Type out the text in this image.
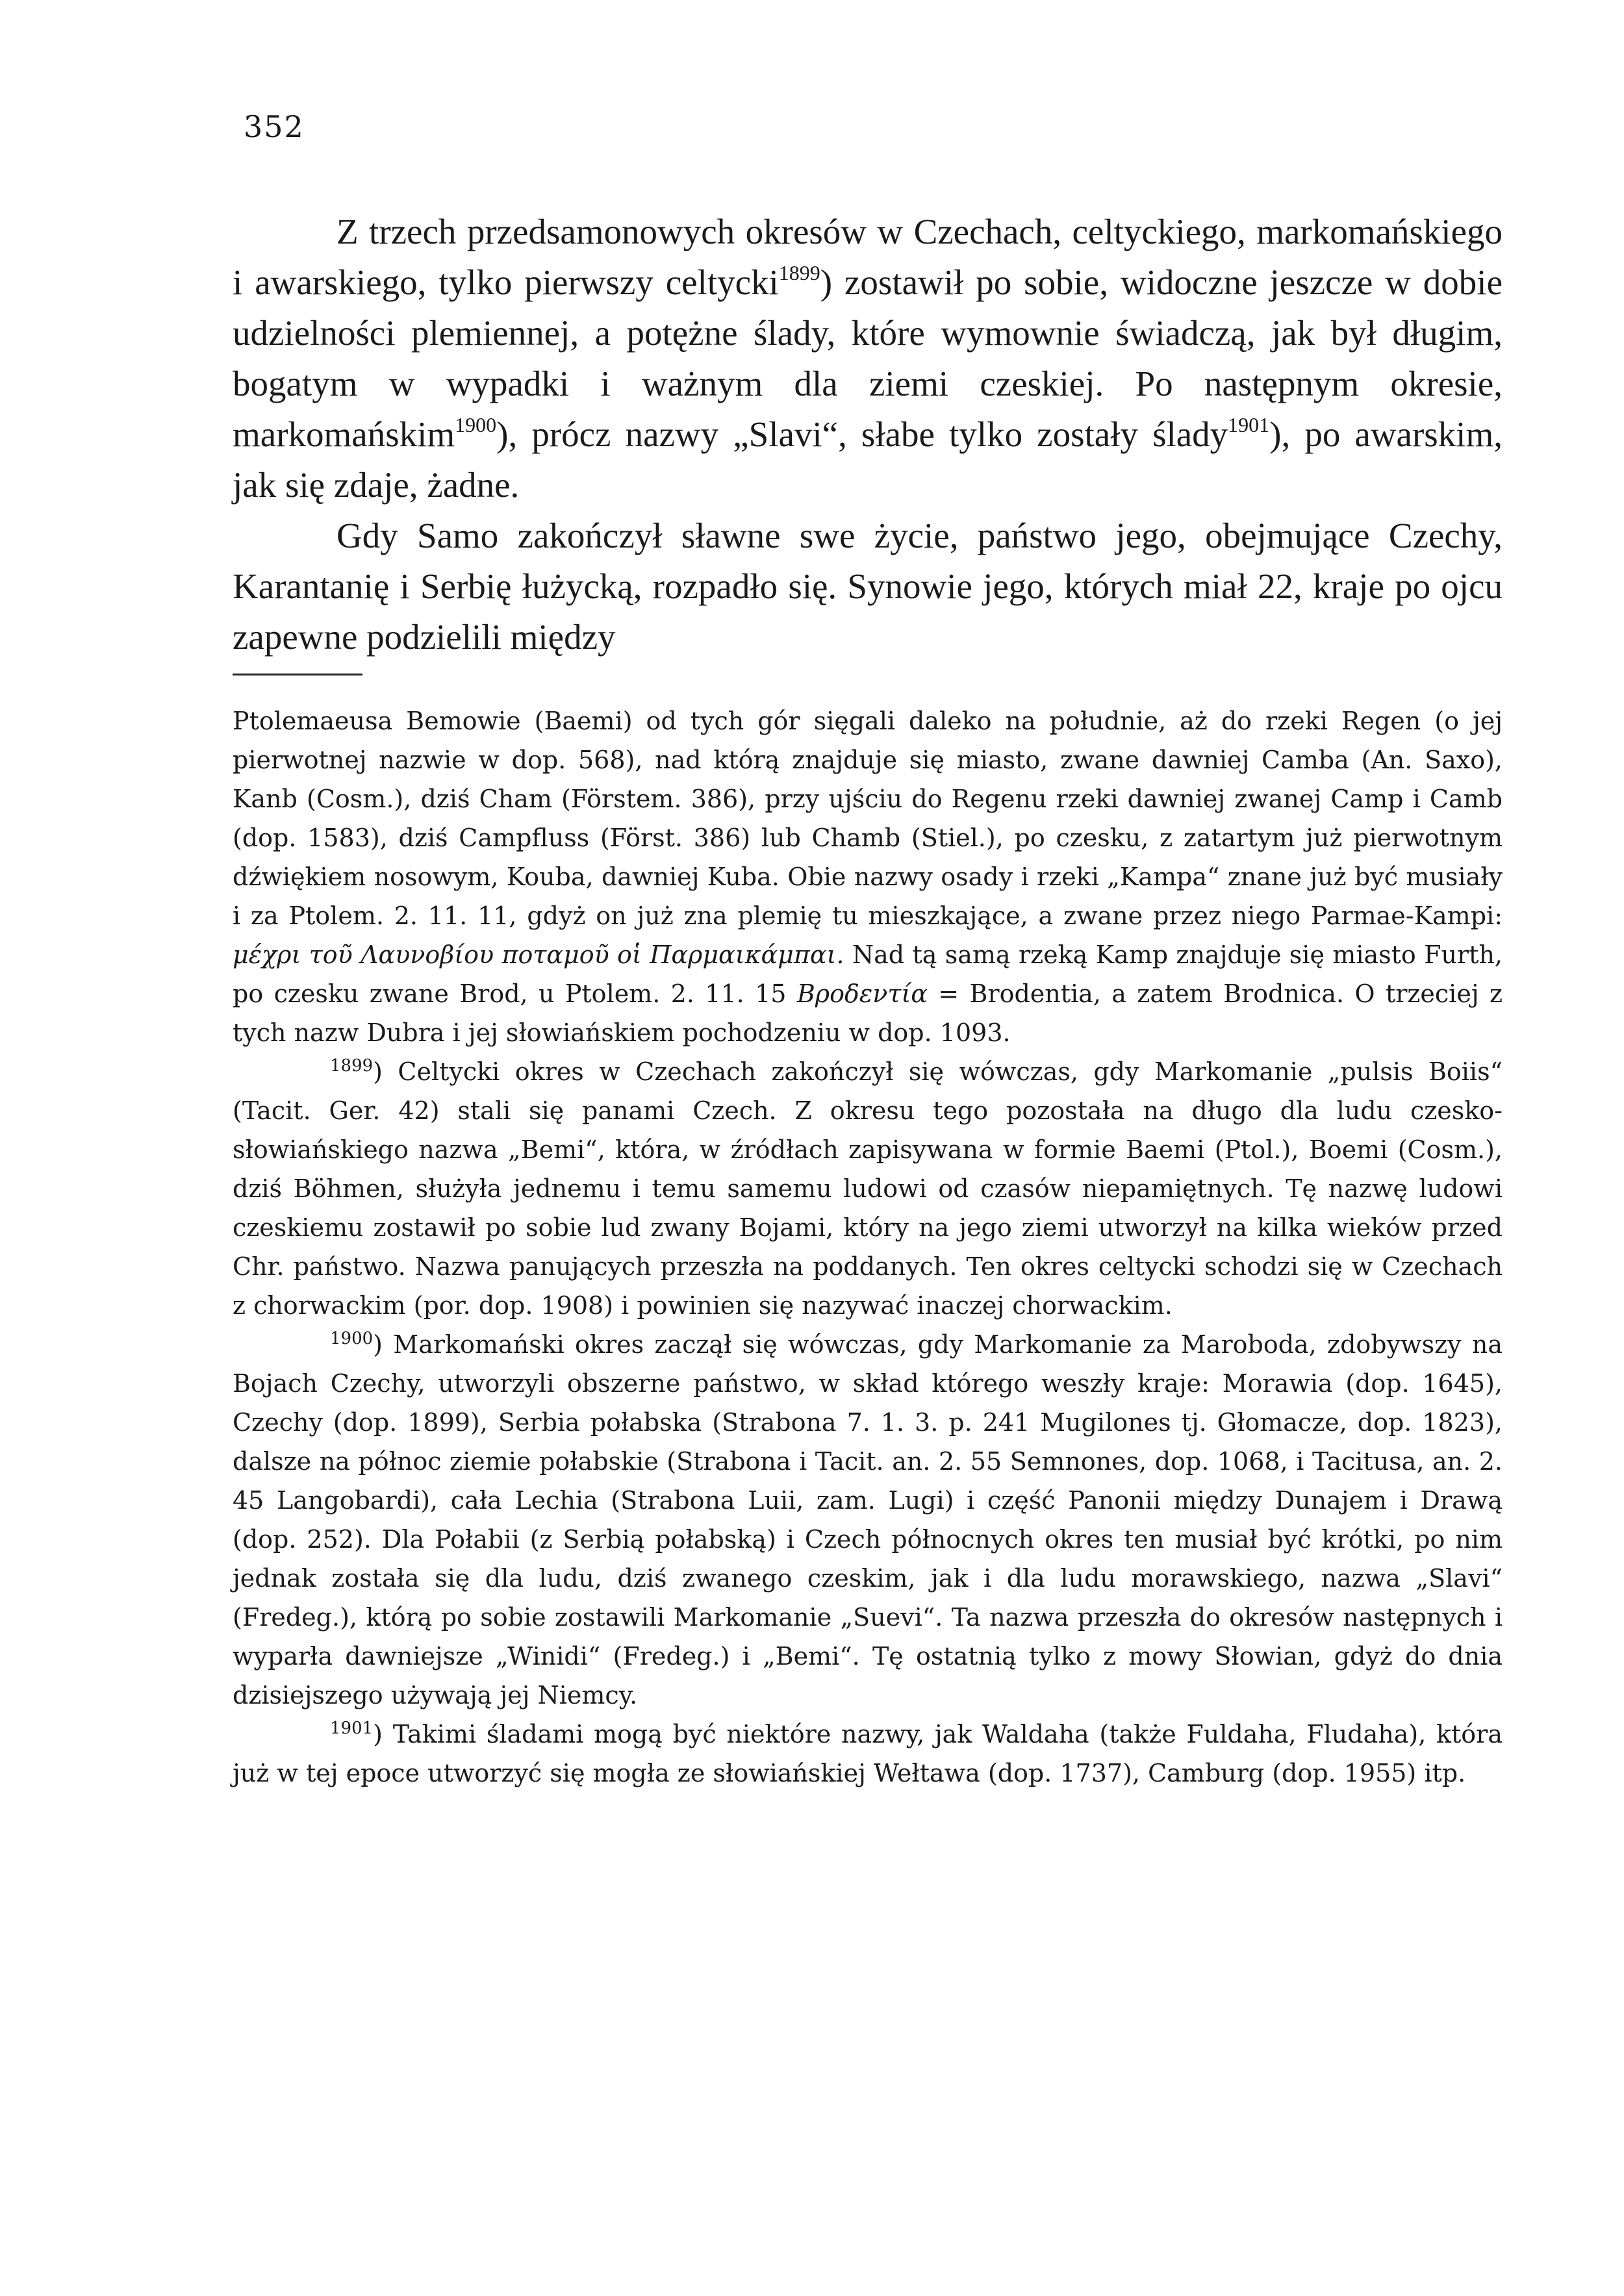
352

Z trzech przedsamonowych okresów w Czechach, celtyckiego, markomańskiego i awarskiego, tylko pierwszy celtycki$^{1899}$) zostawił po sobie, widoczne jeszcze w dobie udzielności plemiennej, a potężne ślady, które wymownie świadczą, jak był długim, bogatym w wypadki i ważnym dla ziemi czeskiej. Po następnym okresie, markomańskim$^{1900}$), prócz nazwy „Slavi“, słabe tylko zostały ślady$^{1901}$), po awarskim, jak się zdaje, żadne.

Gdy Samo zakończył sławne swe życie, państwo jego, obejmujące Czechy, Karantanię i Serbię łużycką, rozpadło się. Synowie jego, których miał 22, kraje po ojcu zapewne podzielili między

Ptolemaeusa Bemowie (Baemi) od tych gór sięgali daleko na południe, aż do rzeki Regen (o jej pierwotnej nazwie w dop. 568), nad którą znajduje się miasto, zwane dawniej Camba (An. Saxo), Kanb (Cosm.), dziś Cham (Förstem. 386), przy ujściu do Regenu rzeki dawniej zwanej Camp i Camb (dop. 1583), dziś Campfluss (Först. 386) lub Chamb (Stiel.), po czesku, z zatartym już pierwotnym dźwiękiem nosowym, Kouba, dawniej Kuba. Obie nazwy osady i rzeki „Kampa“ znane już być musiały i za Ptolem. 2. 11. 11, gdyż on już zna plemię tu mieszkające, a zwane przez niego Parmae-Kampi: μέχρι τοῦ Λαυνοβίου ποταμοῦ οἱ Παρμαικάμπαι. Nad tą samą rzeką Kamp znajduje się miasto Furth, po czesku zwane Brod, u Ptolem. 2. 11. 15 Βροδεντία = Brodentia, a zatem Brodnica. O trzeciej z tych nazw Dubra i jej słowiańskiem pochodzeniu w dop. 1093.

$^{1899}$) Celtycki okres w Czechach zakończył się wówczas, gdy Markomanie „pulsis Boiis“ (Tacit. Ger. 42) stali się panami Czech. Z okresu tego pozostała na długo dla ludu czesko-słowiańskiego nazwa „Bemi“, która, w źródłach zapisywana w formie Baemi (Ptol.), Boemi (Cosm.), dziś Böhmen, służyła jednemu i temu samemu ludowi od czasów niepamiętnych. Tę nazwę ludowi czeskiemu zostawił po sobie lud zwany Bojami, który na jego ziemi utworzył na kilka wieków przed Chr. państwo. Nazwa panujących przeszła na poddanych. Ten okres celtycki schodzi się w Czechach z chorwackim (por. dop. 1908) i powinien się nazywać inaczej chorwackim.

$^{1900}$) Markomański okres zaczął się wówczas, gdy Markomanie za Maroboda, zdobywszy na Bojach Czechy, utworzyli obszerne państwo, w skład którego weszły kraje: Morawia (dop. 1645), Czechy (dop. 1899), Serbia połabska (Strabona 7. 1. 3. p. 241 Mugilones tj. Głomacze, dop. 1823), dalsze na północ ziemie połabskie (Strabona i Tacit. an. 2. 55 Semnones, dop. 1068, i Tacitusa, an. 2. 45 Langobardi), cała Lechia (Strabona Luii, zam. Lugi) i część Panonii między Dunajem i Drawą (dop. 252). Dla Połabii (z Serbią połabską) i Czech północnych okres ten musiał być krótki, po nim jednak została się dla ludu, dziś zwanego czeskim, jak i dla ludu morawskiego, nazwa „Slavi“ (Fredeg.), którą po sobie zostawili Markomanie „Suevi“. Ta nazwa przeszła do okresów następnych i wyparła dawniejsze „Winidi“ (Fredeg.) i „Bemi“. Tę ostatnią tylko z mowy Słowian, gdyż do dnia dzisiejszego używają jej Niemcy.

$^{1901}$) Takimi śladami mogą być niektóre nazwy, jak Waldaha (także Fuldaha, Fludaha), która już w tej epoce utworzyć się mogła ze słowiańskiej Wełtawa (dop. 1737), Camburg (dop. 1955) itp.
